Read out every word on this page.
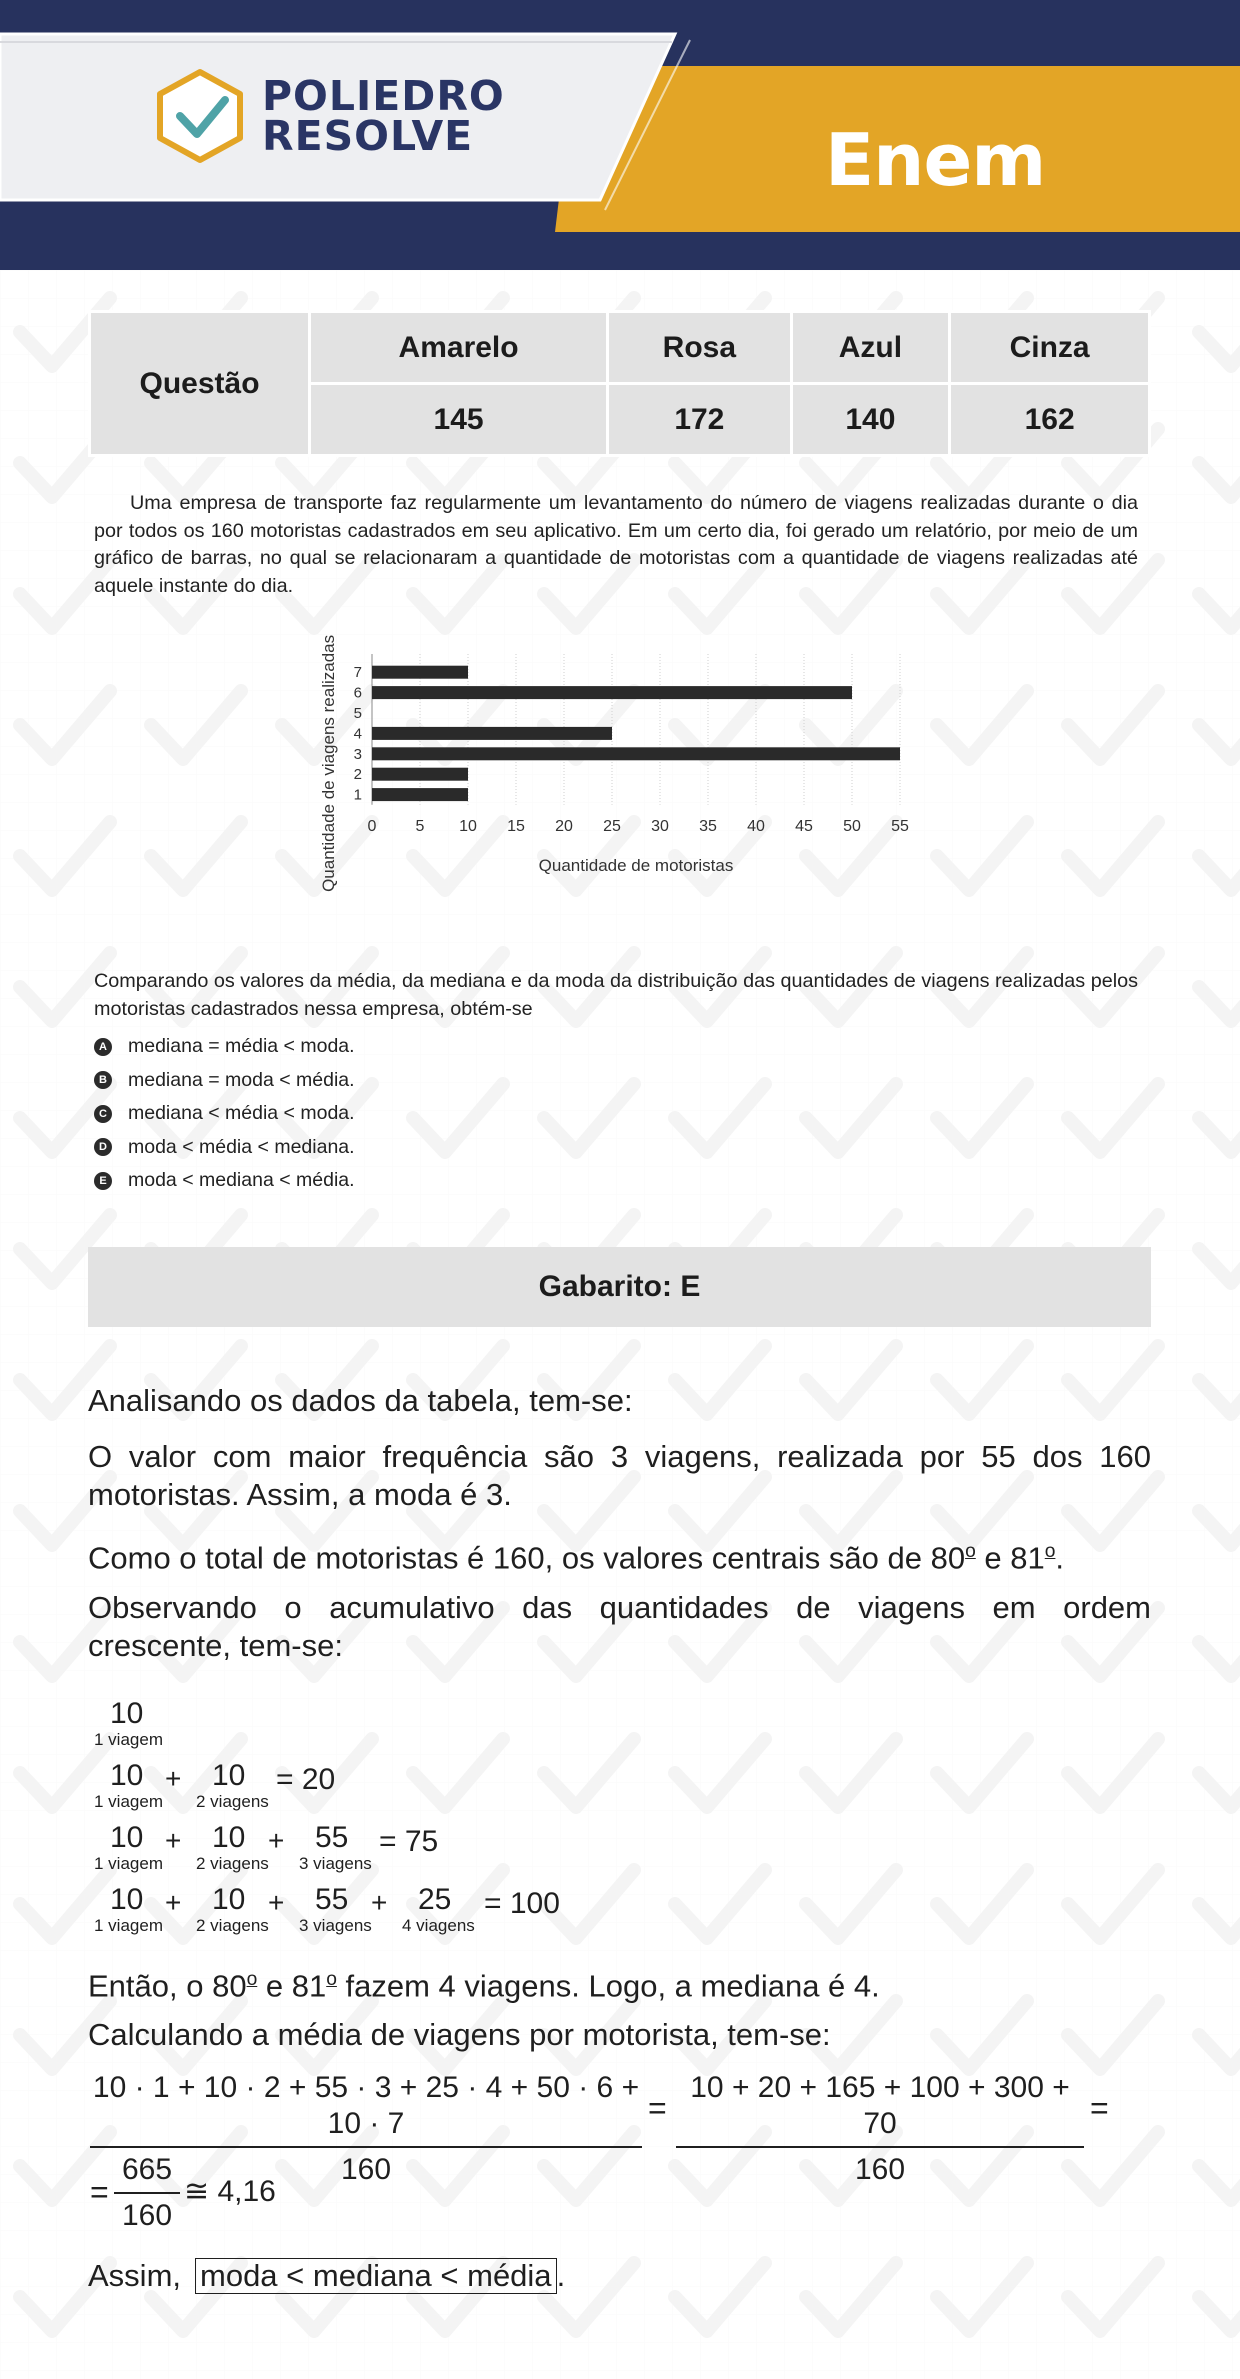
POLIEDRO
RESOLVE	Enem
Questão	Amarelo	Rosa	Azul	Cinza
	145	172	140	162
Uma empresa de transporte faz regularmente um levantamento do número de viagens realizadas durante o dia por todos os 160 motoristas cadastrados em seu aplicativo. Em um certo dia, foi gerado um relatório, por meio de um gráfico de barras, no qual se relacionaram a quantidade de motoristas com a quantidade de viagens realizadas até aquele instante do dia.
1
2
3
4
5
6
7
0 5 10 15 20 25 30 35 40 45 50 55
Quantidade de motoristas
Quantidade de viagens realizadas
Comparando os valores da média, da mediana e da moda da distribuição das quantidades de viagens realizadas pelos motoristas cadastrados nessa empresa, obtém-se
A mediana = média < moda.
B mediana = moda < média.
C mediana < média < moda.
D moda < média < mediana.
E moda < mediana < média.
Gabarito: E
Analisando os dados da tabela, tem-se:
O valor com maior frequência são 3 viagens, realizada por 55 dos 160 motoristas. Assim, a moda é 3.
Como o total de motoristas é 160, os valores centrais são de 80$^o$ e 81$^o$.
Observando o acumulativo das quantidades de viagens em ordem crescente, tem-se:
10
1 viagem
10
1 viagem
+ 10
2 viagens
= 20
10
1 viagem
+ 10
2 viagens
+ 55
3 viagens
= 75
10
1 viagem
+ 10
2 viagens
+ 55
3 viagens
+ 25
4 viagens
= 100
Então, o 80$^o$ e 81$^o$ fazem 4 viagens. Logo, a mediana é 4.
Calculando a média de viagens por motorista, tem-se:
10 · 1 + 10 · 2 + 55 · 3 + 25 · 4 + 50 · 6 + 10 · 7
160
=
10 + 20 + 165 + 100 + 300 + 70
160
=
=
665
160
≅ 4,16
Assim, moda < mediana < média .
